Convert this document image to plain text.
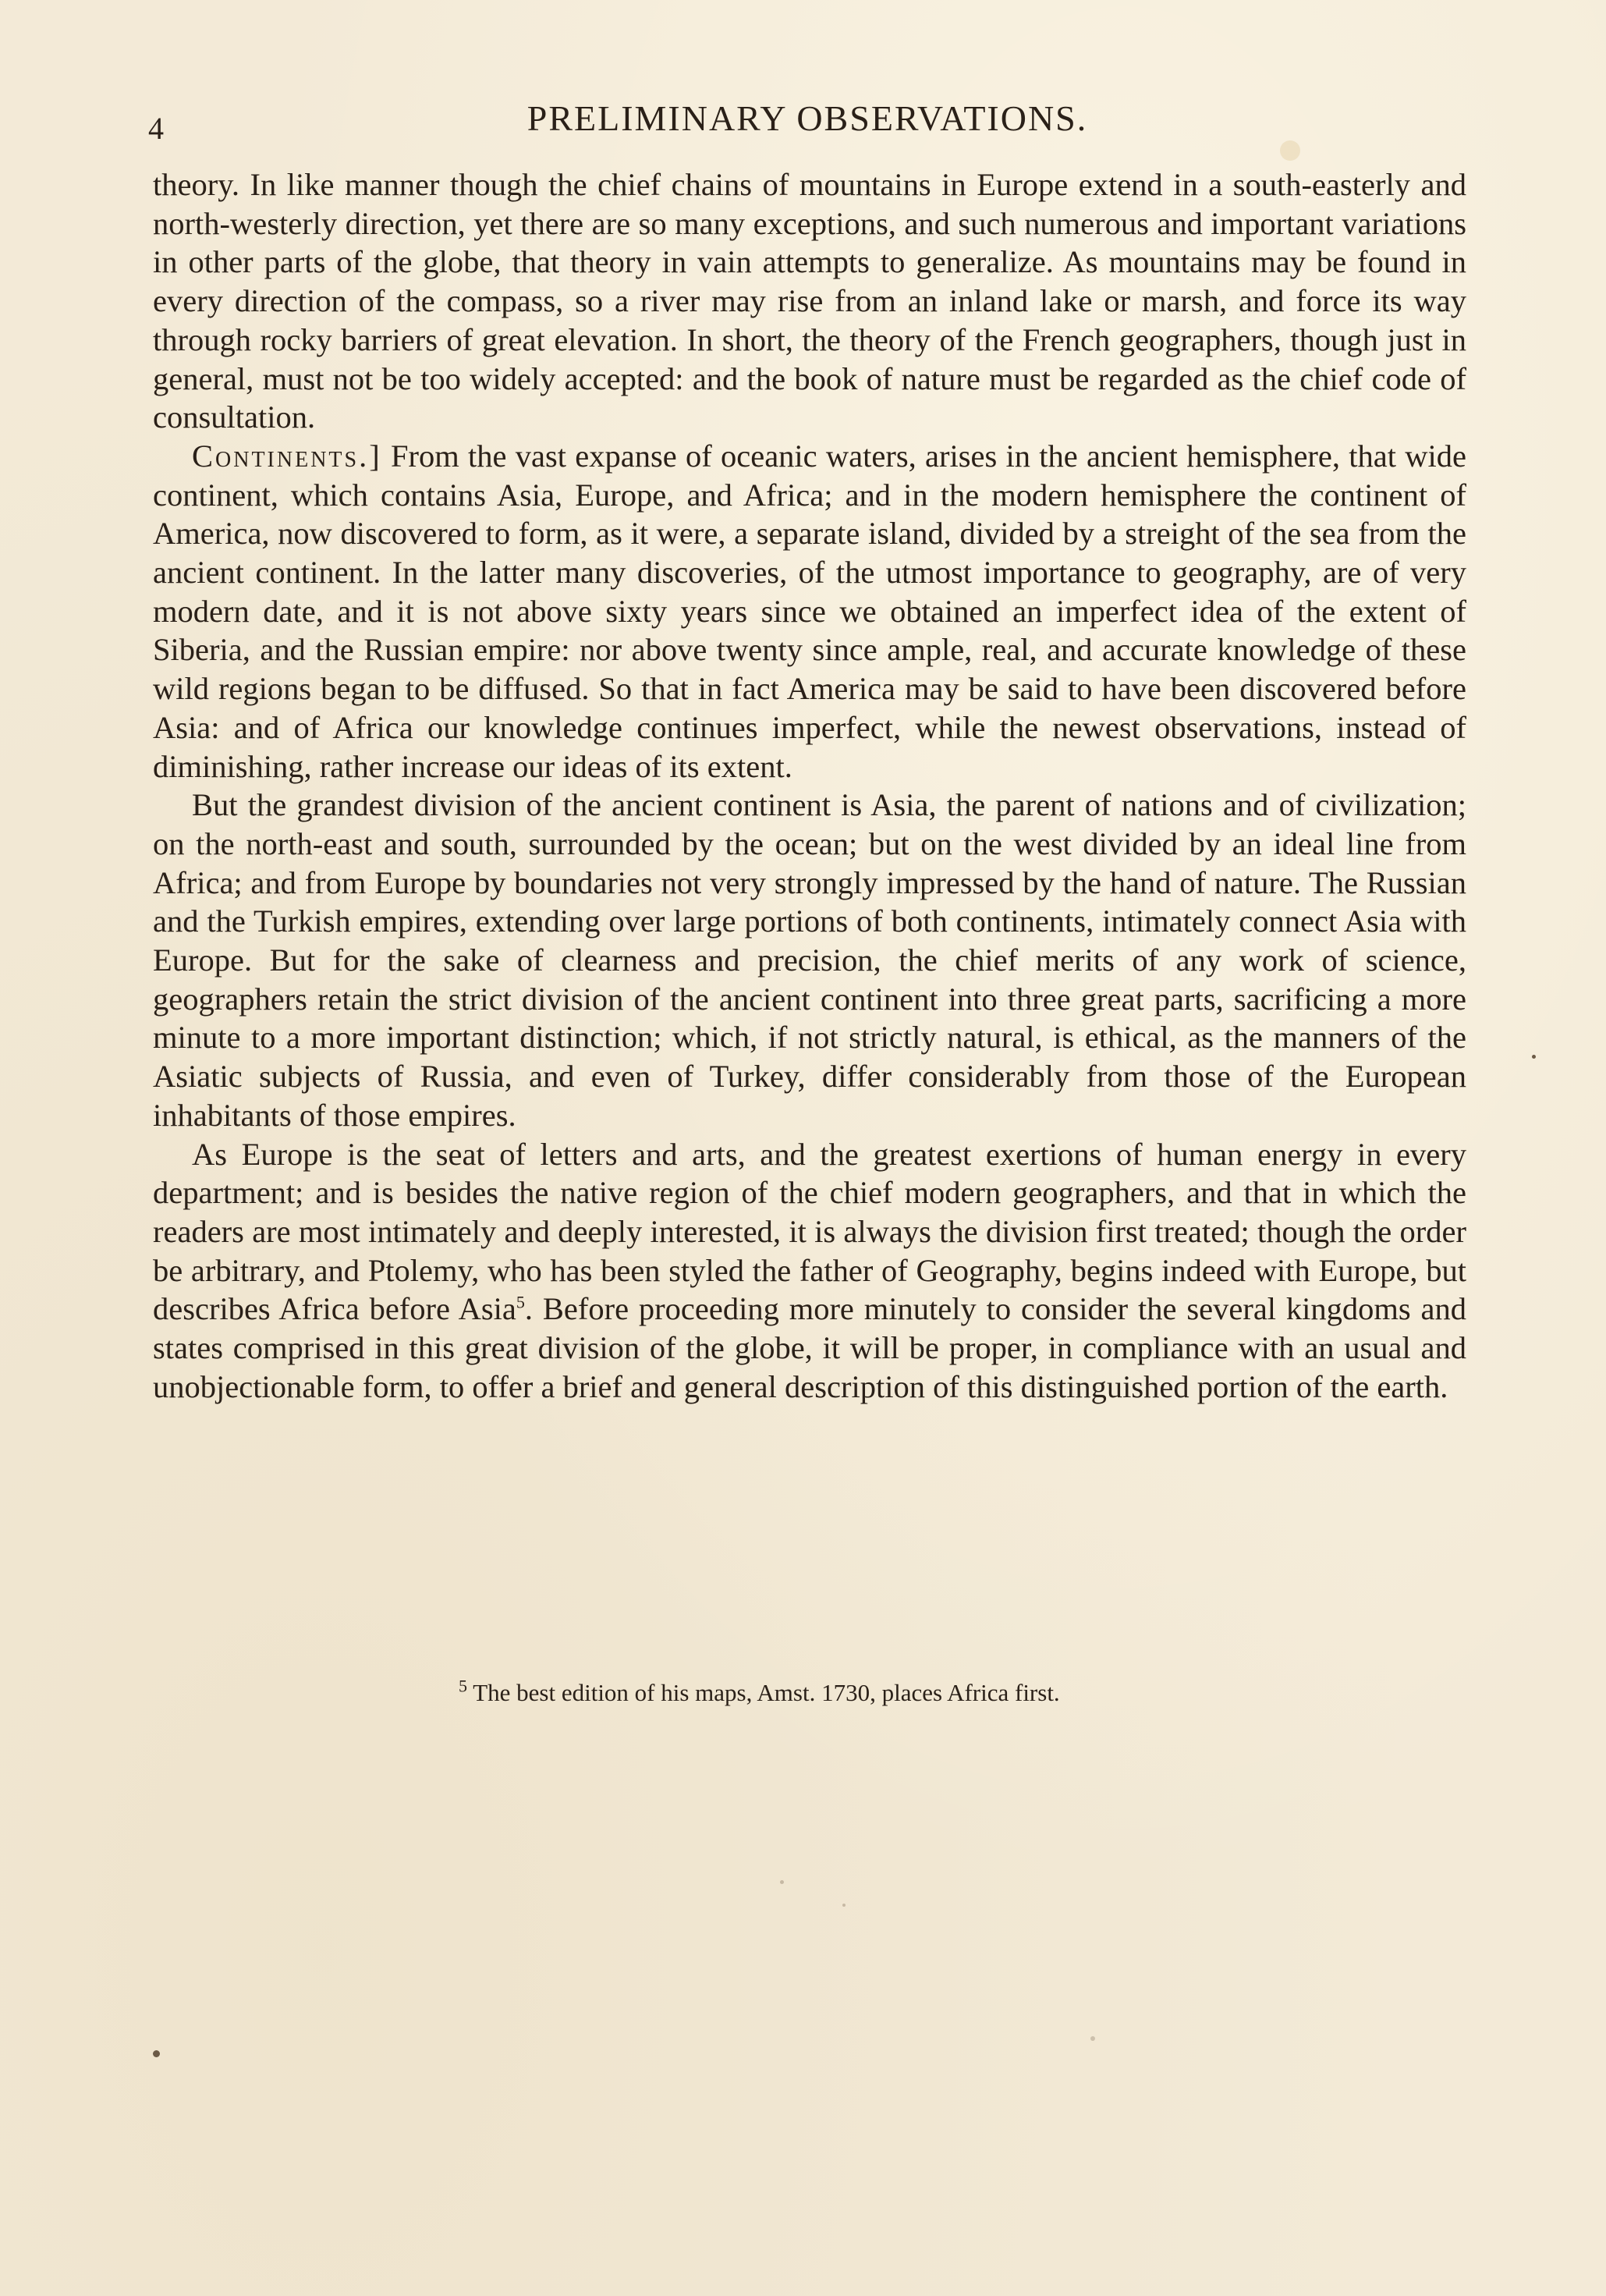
4	PRELIMINARY OBSERVATIONS.

theory. In like manner though the chief chains of mountains in Europe extend in a south-easterly and north-westerly direction, yet there are so many exceptions, and such numerous and important variations in other parts of the globe, that theory in vain attempts to generalize. As mountains may be found in every direction of the compass, so a river may rise from an inland lake or marsh, and force its way through rocky barriers of great elevation. In short, the theory of the French geographers, though just in general, must not be too widely accepted: and the book of nature must be regarded as the chief code of consultation.

Continents.] From the vast expanse of oceanic waters, arises in the ancient hemisphere, that wide continent, which contains Asia, Europe, and Africa; and in the modern hemisphere the continent of America, now discovered to form, as it were, a separate island, divided by a streight of the sea from the ancient continent. In the latter many discoveries, of the utmost importance to geography, are of very modern date, and it is not above sixty years since we obtained an imperfect idea of the extent of Siberia, and the Russian empire: nor above twenty since ample, real, and accurate knowledge of these wild regions began to be diffused. So that in fact America may be said to have been discovered before Asia: and of Africa our knowledge continues imperfect, while the newest observations, instead of diminishing, rather increase our ideas of its extent.

But the grandest division of the ancient continent is Asia, the parent of nations and of civilization; on the north-east and south, surrounded by the ocean; but on the west divided by an ideal line from Africa; and from Europe by boundaries not very strongly impressed by the hand of nature. The Russian and the Turkish empires, extending over large portions of both continents, intimately connect Asia with Europe. But for the sake of clearness and precision, the chief merits of any work of science, geographers retain the strict division of the ancient continent into three great parts, sacrificing a more minute to a more important distinction; which, if not strictly natural, is ethical, as the manners of the Asiatic subjects of Russia, and even of Turkey, differ considerably from those of the European inhabitants of those empires.

As Europe is the seat of letters and arts, and the greatest exertions of human energy in every department; and is besides the native region of the chief modern geographers, and that in which the readers are most intimately and deeply interested, it is always the division first treated; though the order be arbitrary, and Ptolemy, who has been styled the father of Geography, begins indeed with Europe, but describes Africa before Asia$^5$. Before proceeding more minutely to consider the several kingdoms and states comprised in this great division of the globe, it will be proper, in compliance with an usual and unobjectionable form, to offer a brief and general description of this distinguished portion of the earth.

$^5$ The best edition of his maps, Amst. 1730, places Africa first.
